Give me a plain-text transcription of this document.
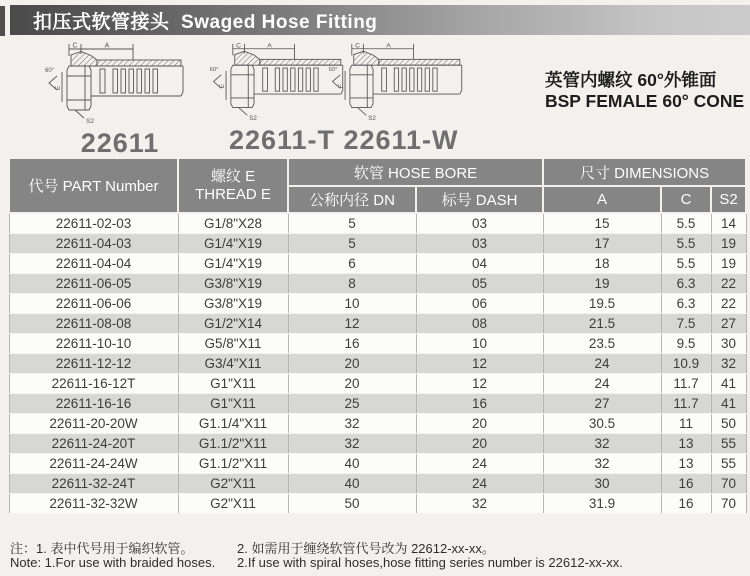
扣压式软管接头  Swaged Hose Fitting
22611	22611-T 22611-W
英管内螺纹 60°外锥面
BSP FEMALE 60° CONE
代号 PART Number	螺纹 E
THREAD E	软管 HOSE BORE		尺寸 DIMENSIONS		
		公称内径 DN	标号 DASH	A	C	S2
22611-02-03	G1/8"X28	5	03	15	5.5	14
22611-04-03	G1/4"X19	5	03	17	5.5	19
22611-04-04	G1/4"X19	6	04	18	5.5	19
22611-06-05	G3/8"X19	8	05	19	6.3	22
22611-06-06	G3/8"X19	10	06	19.5	6.3	22
22611-08-08	G1/2"X14	12	08	21.5	7.5	27
22611-10-10	G5/8"X11	16	10	23.5	9.5	30
22611-12-12	G3/4"X11	20	12	24	10.9	32
22611-16-12T	G1"X11	20	12	24	11.7	41
22611-16-16	G1"X11	25	16	27	11.7	41
22611-20-20W	G1.1/4"X11	32	20	30.5	11	50
22611-24-20T	G1.1/2"X11	32	20	32	13	55
22611-24-24W	G1.1/2"X11	40	24	32	13	55
22611-32-24T	G2"X11	40	24	30	16	70
22611-32-32W	G2"X11	50	32	31.9	16	70
注：1. 表中代号用于编织软管。	2. 如需用于缠绕软管代号改为 22612-xx-xx。
Note: 1.For use with braided hoses. 2.If use with spiral hoses,hose fitting series number is 22612-xx-xx.
